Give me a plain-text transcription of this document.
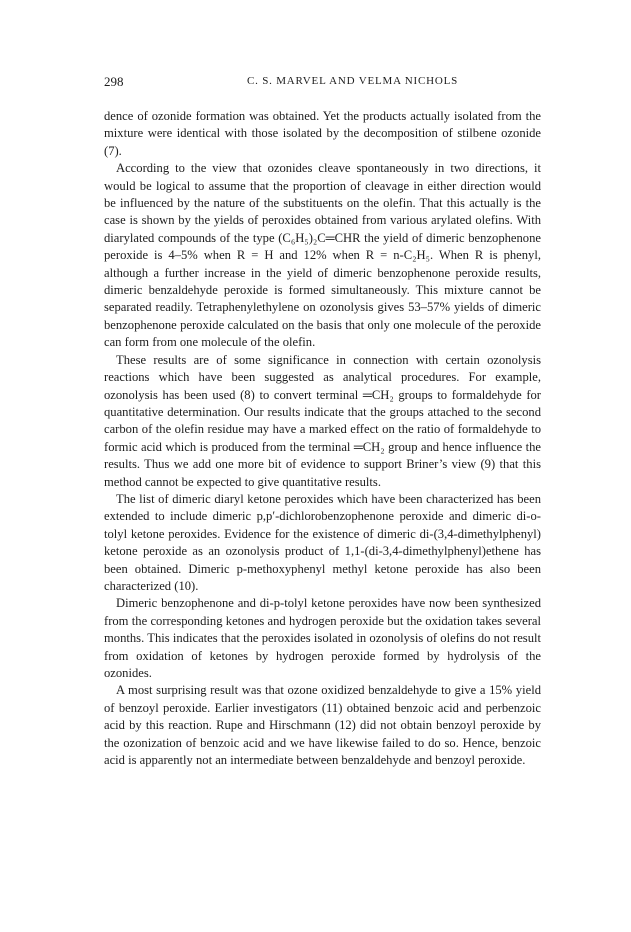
298	C. S. MARVEL AND VELMA NICHOLS

dence of ozonide formation was obtained. Yet the products actually isolated from the mixture were identical with those isolated by the decomposition of stilbene ozonide (7).

According to the view that ozonides cleave spontaneously in two directions, it would be logical to assume that the proportion of cleavage in either direction would be influenced by the nature of the substituents on the olefin. That this actually is the case is shown by the yields of peroxides obtained from various arylated olefins. With diarylated compounds of the type (C₆H₅)₂C═CHR the yield of dimeric benzophenone peroxide is 4–5% when R = H and 12% when R = n-C₂H₅. When R is phenyl, although a further increase in the yield of dimeric benzophenone peroxide results, dimeric benzaldehyde peroxide is formed simultaneously. This mixture cannot be separated readily. Tetraphenylethylene on ozonolysis gives 53–57% yields of dimeric benzophenone peroxide calculated on the basis that only one molecule of the peroxide can form from one molecule of the olefin.

These results are of some significance in connection with certain ozonolysis reactions which have been suggested as analytical procedures. For example, ozonolysis has been used (8) to convert terminal ═CH₂ groups to formaldehyde for quantitative determination. Our results indicate that the groups attached to the second carbon of the olefin residue may have a marked effect on the ratio of formaldehyde to formic acid which is produced from the terminal ═CH₂ group and hence influence the results. Thus we add one more bit of evidence to support Briner’s view (9) that this method cannot be expected to give quantitative results.

The list of dimeric diaryl ketone peroxides which have been characterized has been extended to include dimeric p,p′-dichlorobenzophenone peroxide and dimeric di-o-tolyl ketone peroxides. Evidence for the existence of dimeric di-(3,4-dimethylphenyl) ketone peroxide as an ozonolysis product of 1,1-(di-3,4-dimethylphenyl)ethene has been obtained. Dimeric p-methoxyphenyl methyl ketone peroxide has also been characterized (10).

Dimeric benzophenone and di-p-tolyl ketone peroxides have now been synthesized from the corresponding ketones and hydrogen peroxide but the oxidation takes several months. This indicates that the peroxides isolated in ozonolysis of olefins do not result from oxidation of ketones by hydrogen peroxide formed by hydrolysis of the ozonides.

A most surprising result was that ozone oxidized benzaldehyde to give a 15% yield of benzoyl peroxide. Earlier investigators (11) obtained benzoic acid and perbenzoic acid by this reaction. Rupe and Hirschmann (12) did not obtain benzoyl peroxide by the ozonization of benzoic acid and we have likewise failed to do so. Hence, benzoic acid is apparently not an intermediate between benzaldehyde and benzoyl peroxide.
